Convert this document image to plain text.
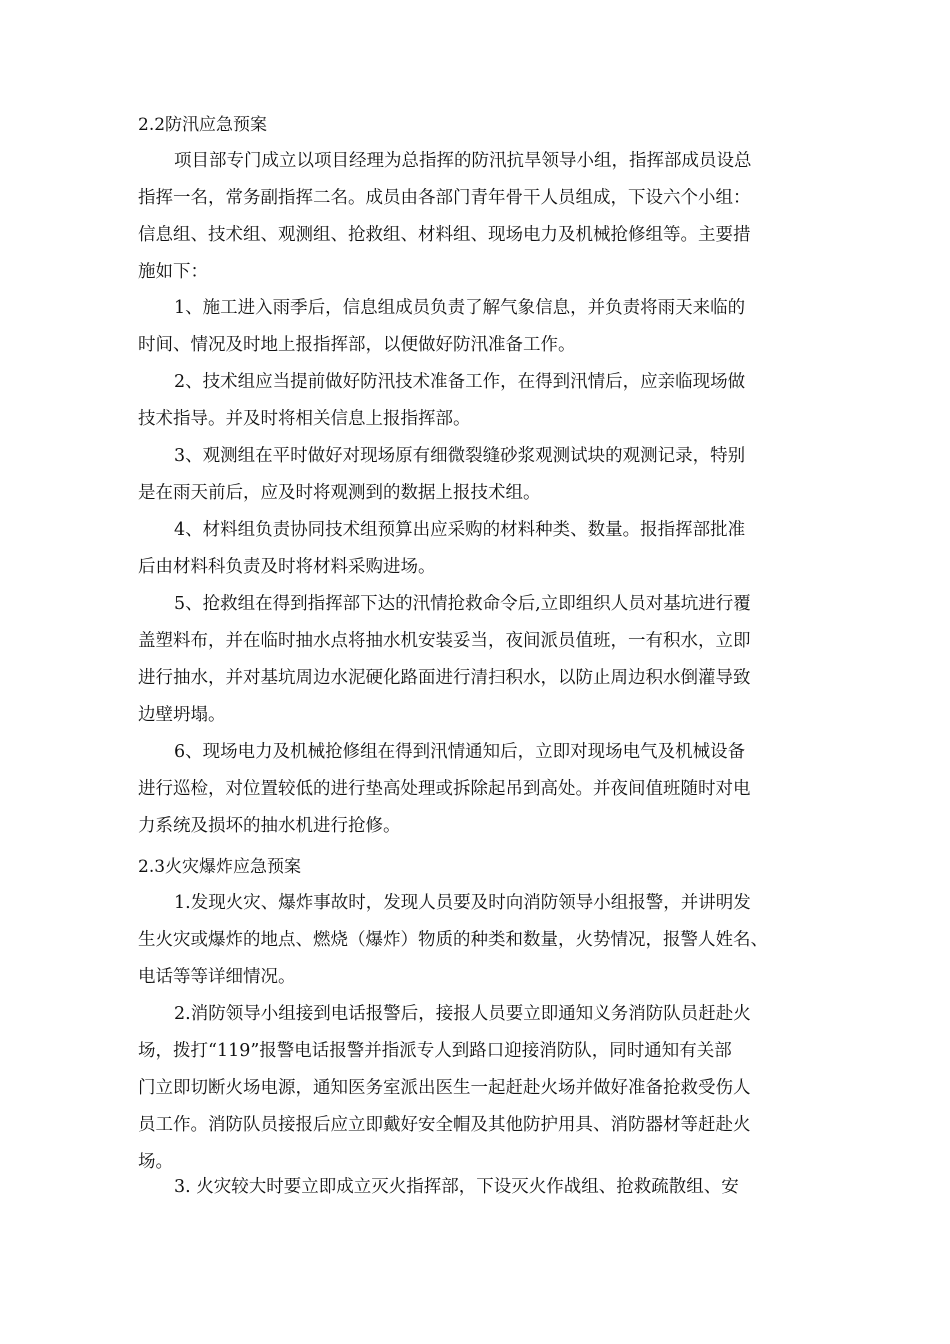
2.2防汛应急预案
项目部专门成立以项目经理为总指挥的防汛抗旱领导小组，指挥部成员设总
指挥一名，常务副指挥二名。成员由各部门青年骨干人员组成，下设六个小组：
信息组、技术组、观测组、抢救组、材料组、现场电力及机械抢修组等。主要措
施如下：
1、施工进入雨季后，信息组成员负责了解气象信息，并负责将雨天来临的
时间、情况及时地上报指挥部，以便做好防汛准备工作。
2、技术组应当提前做好防汛技术准备工作，在得到汛情后，应亲临现场做
技术指导。并及时将相关信息上报指挥部。
3、观测组在平时做好对现场原有细微裂缝砂浆观测试块的观测记录，特别
是在雨天前后，应及时将观测到的数据上报技术组。
4、材料组负责协同技术组预算出应采购的材料种类、数量。报指挥部批准
后由材料科负责及时将材料采购进场。
5、抢救组在得到指挥部下达的汛情抢救命令后,立即组织人员对基坑进行覆
盖塑料布，并在临时抽水点将抽水机安装妥当，夜间派员值班，一有积水，立即
进行抽水，并对基坑周边水泥硬化路面进行清扫积水，以防止周边积水倒灌导致
边壁坍塌。
6、现场电力及机械抢修组在得到汛情通知后，立即对现场电气及机械设备
进行巡检，对位置较低的进行垫高处理或拆除起吊到高处。并夜间值班随时对电
力系统及损坏的抽水机进行抢修。
2.3火灾爆炸应急预案
1.发现火灾、爆炸事故时，发现人员要及时向消防领导小组报警，并讲明发
生火灾或爆炸的地点、燃烧（爆炸）物质的种类和数量，火势情况，报警人姓名、
电话等等详细情况。
2.消防领导小组接到电话报警后，接报人员要立即通知义务消防队员赶赴火
场，拨打“119”报警电话报警并指派专人到路口迎接消防队，同时通知有关部
门立即切断火场电源，通知医务室派出医生一起赶赴火场并做好准备抢救受伤人
员工作。消防队员接报后应立即戴好安全帽及其他防护用具、消防器材等赶赴火
场。
3. 火灾较大时要立即成立灭火指挥部，下设灭火作战组、抢救疏散组、安
